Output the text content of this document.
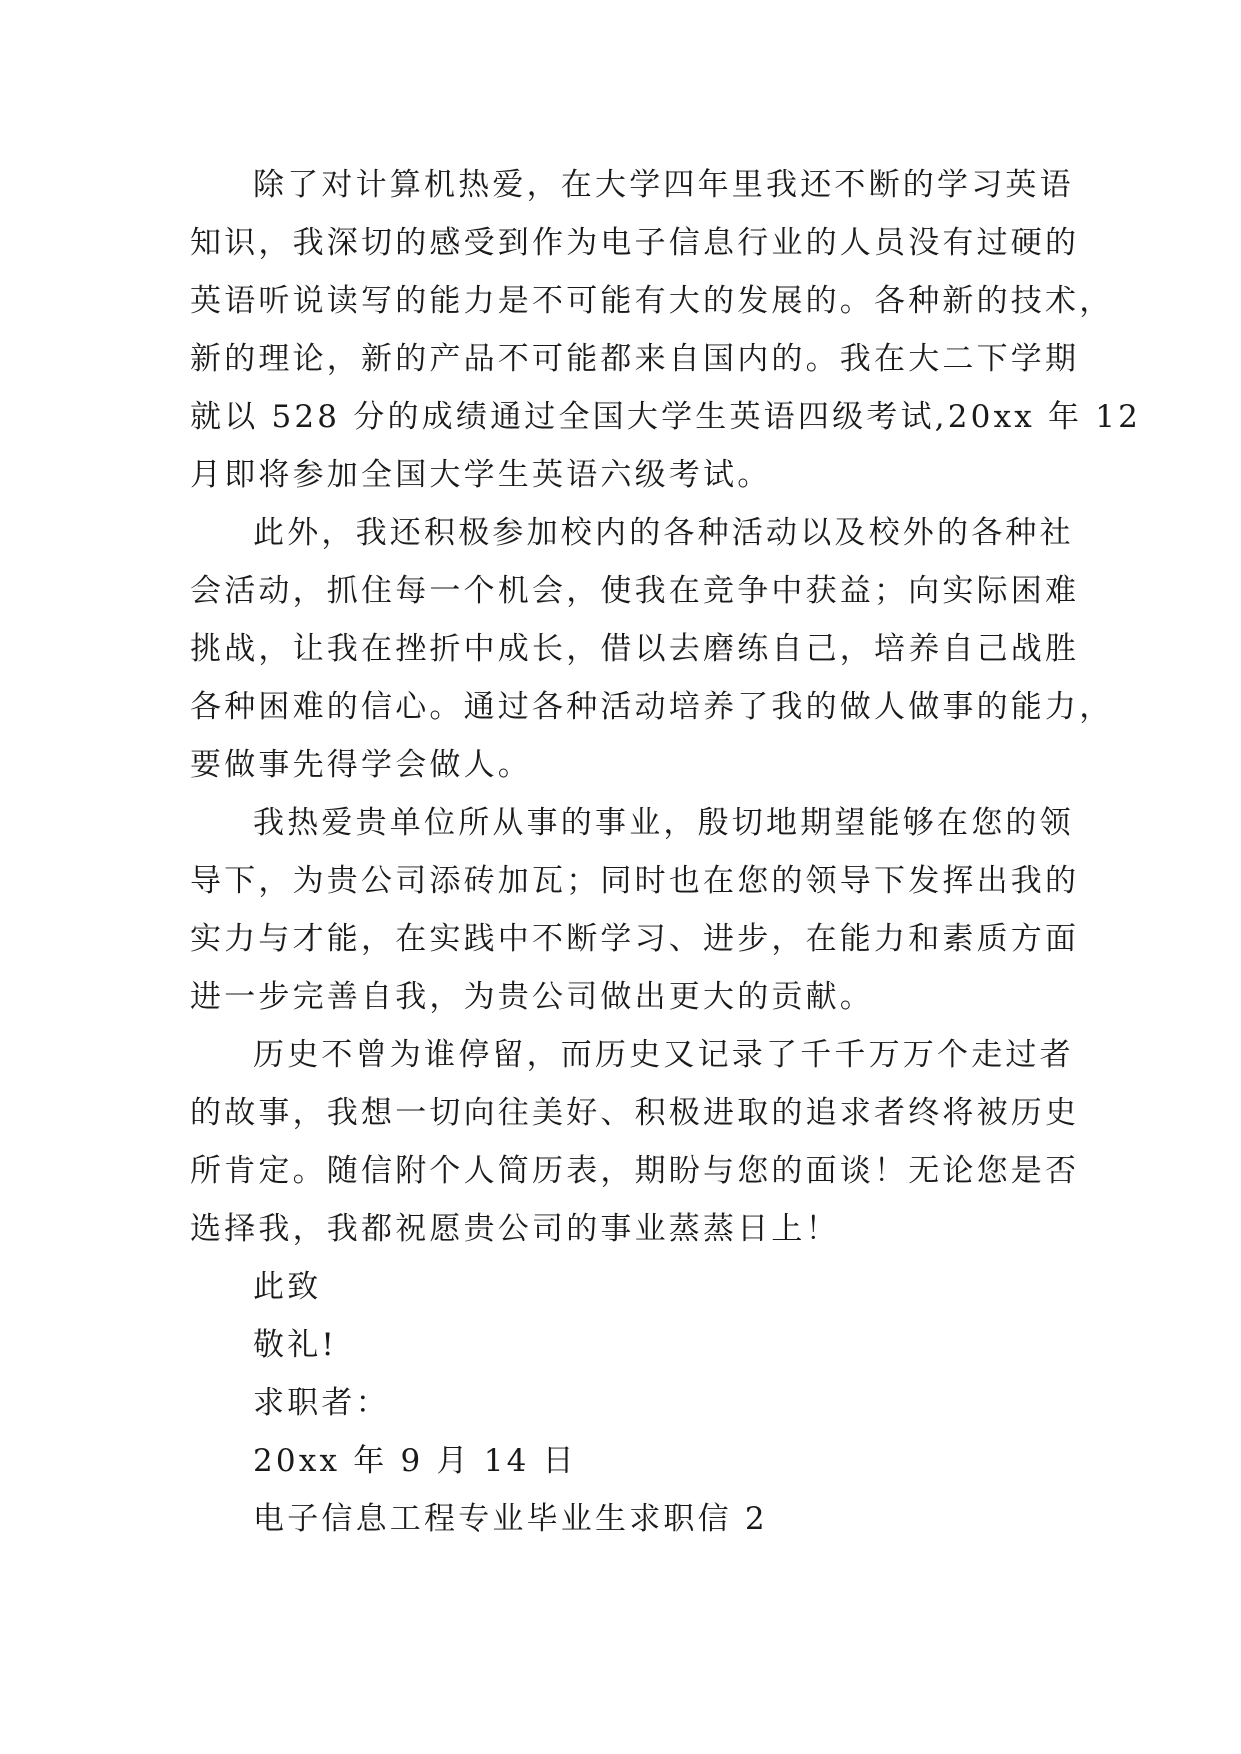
除了对计算机热爱，在大学四年里我还不断的学习英语
知识，我深切的感受到作为电子信息行业的人员没有过硬的
英语听说读写的能力是不可能有大的发展的。各种新的技术，
新的理论，新的产品不可能都来自国内的。我在大二下学期
就以 528 分的成绩通过全国大学生英语四级考试,20xx 年 12
月即将参加全国大学生英语六级考试。
此外，我还积极参加校内的各种活动以及校外的各种社
会活动，抓住每一个机会，使我在竞争中获益；向实际困难
挑战，让我在挫折中成长，借以去磨练自己，培养自己战胜
各种困难的信心。通过各种活动培养了我的做人做事的能力，
要做事先得学会做人。
我热爱贵单位所从事的事业，殷切地期望能够在您的领
导下，为贵公司添砖加瓦；同时也在您的领导下发挥出我的
实力与才能，在实践中不断学习、进步，在能力和素质方面
进一步完善自我，为贵公司做出更大的贡献。
历史不曾为谁停留，而历史又记录了千千万万个走过者
的故事，我想一切向往美好、积极进取的追求者终将被历史
所肯定。随信附个人简历表，期盼与您的面谈！无论您是否
选择我，我都祝愿贵公司的事业蒸蒸日上！
此致
敬礼!
求职者：
20xx 年 9 月 14 日
电子信息工程专业毕业生求职信 2
